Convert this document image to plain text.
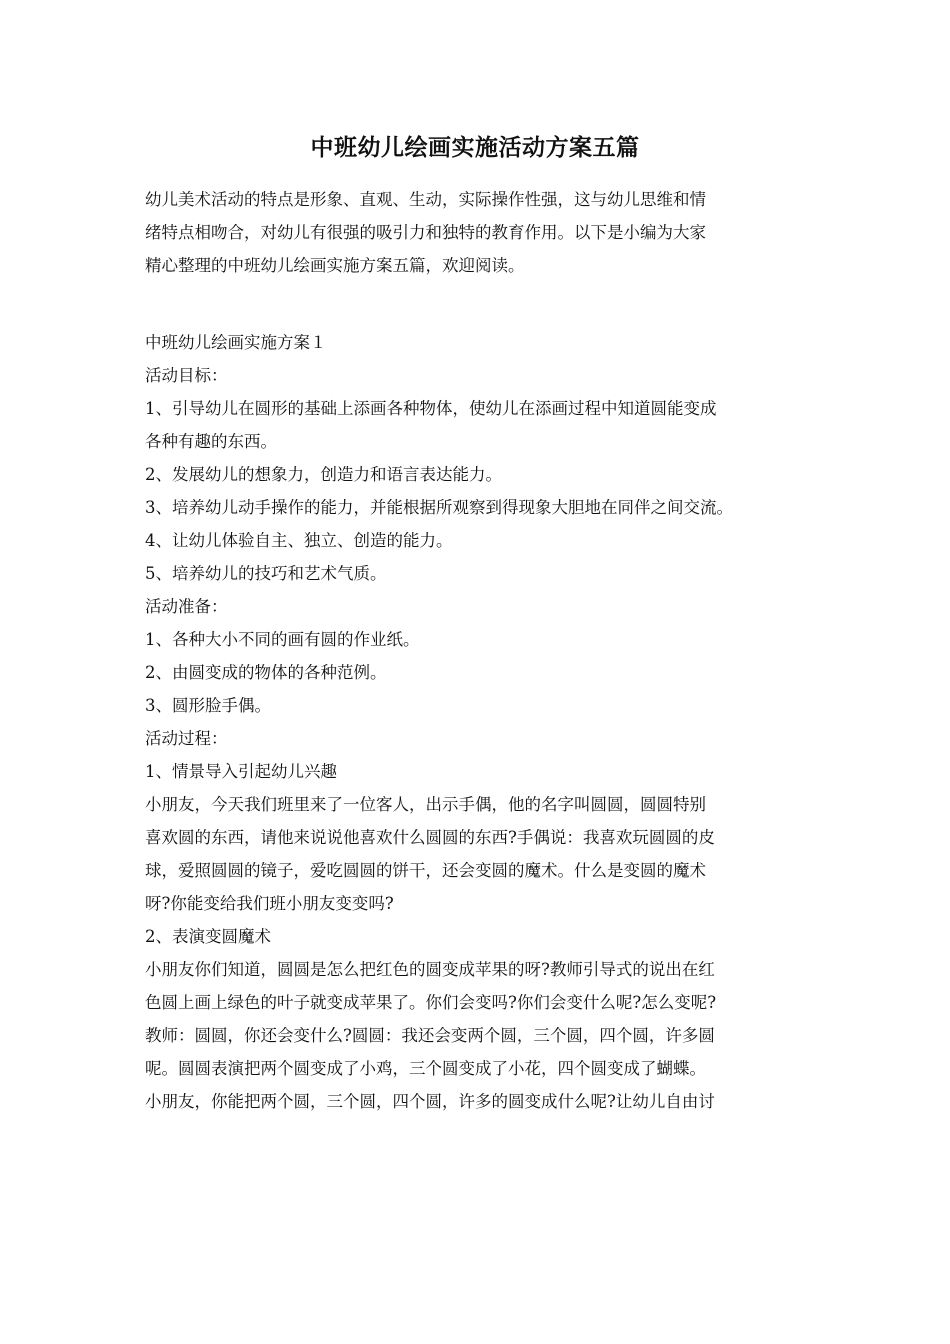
中班幼儿绘画实施活动方案五篇

幼儿美术活动的特点是形象、直观、生动，实际操作性强，这与幼儿思维和情

绪特点相吻合，对幼儿有很强的吸引力和独特的教育作用。以下是小编为大家

精心整理的中班幼儿绘画实施方案五篇，欢迎阅读。

中班幼儿绘画实施方案１

活动目标：

1、引导幼儿在圆形的基础上添画各种物体，使幼儿在添画过程中知道圆能变成

各种有趣的东西。

2、发展幼儿的想象力，创造力和语言表达能力。

3、培养幼儿动手操作的能力，并能根据所观察到得现象大胆地在同伴之间交流。

4、让幼儿体验自主、独立、创造的能力。

5、培养幼儿的技巧和艺术气质。

活动准备：

1、各种大小不同的画有圆的作业纸。

2、由圆变成的物体的各种范例。

3、圆形脸手偶。

活动过程：

1、情景导入引起幼儿兴趣

小朋友，今天我们班里来了一位客人，出示手偶，他的名字叫圆圆，圆圆特别

喜欢圆的东西，请他来说说他喜欢什么圆圆的东西?手偶说：我喜欢玩圆圆的皮

球，爱照圆圆的镜子，爱吃圆圆的饼干，还会变圆的魔术。什么是变圆的魔术

呀?你能变给我们班小朋友变变吗?

2、表演变圆魔术

小朋友你们知道，圆圆是怎么把红色的圆变成苹果的呀?教师引导式的说出在红

色圆上画上绿色的叶子就变成苹果了。你们会变吗?你们会变什么呢?怎么变呢?

教师：圆圆，你还会变什么?圆圆：我还会变两个圆，三个圆，四个圆，许多圆

呢。圆圆表演把两个圆变成了小鸡，三个圆变成了小花，四个圆变成了蝴蝶。

小朋友，你能把两个圆，三个圆，四个圆，许多的圆变成什么呢?让幼儿自由讨
